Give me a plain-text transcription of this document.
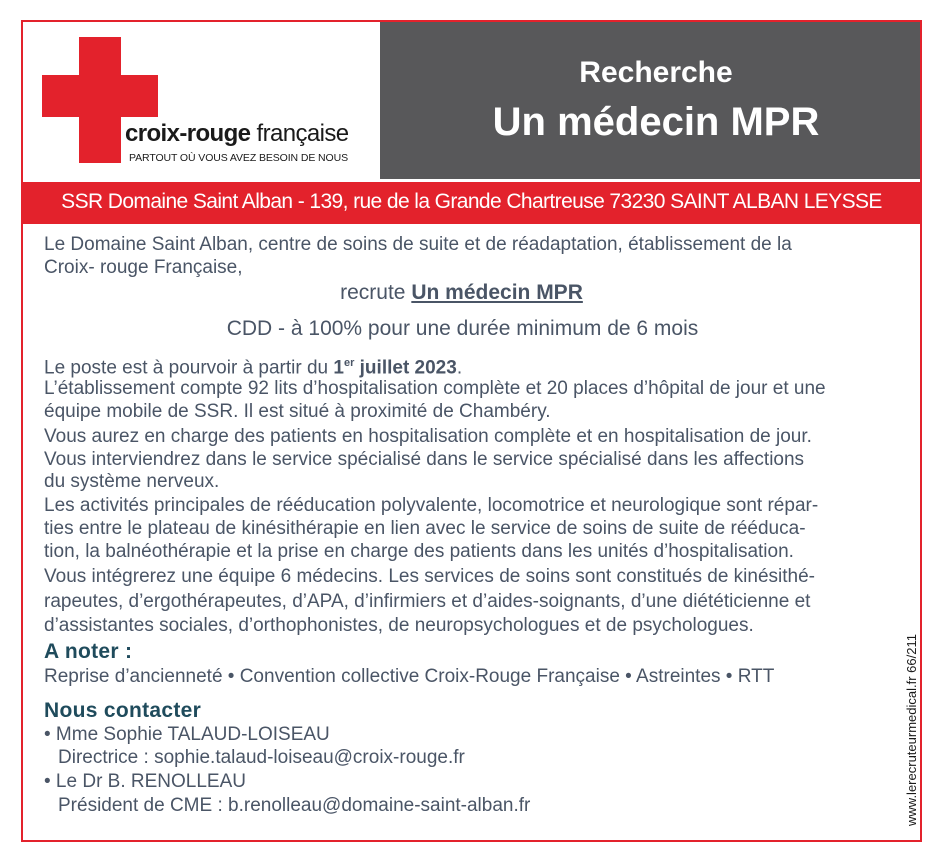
croix-rouge française
PARTOUT OÙ VOUS AVEZ BESOIN DE NOUS
Recherche
Un médecin MPR
SSR Domaine Saint Alban - 139, rue de la Grande Chartreuse 73230 SAINT ALBAN LEYSSE
Le Domaine Saint Alban, centre de soins de suite et de réadaptation, établissement de la
Croix- rouge Française,
recrute Un médecin MPR
CDD - à 100% pour une durée minimum de 6 mois
Le poste est à pourvoir à partir du 1er juillet 2023.
L’établissement compte 92 lits d’hospitalisation complète et 20 places d’hôpital de jour et une
équipe mobile de SSR. Il est situé à proximité de Chambéry.
Vous aurez en charge des patients en hospitalisation complète et en hospitalisation de jour.
Vous interviendrez dans le service spécialisé dans le service spécialisé dans les affections
du système nerveux.
Les activités principales de rééducation polyvalente, locomotrice et neurologique sont répar-
ties entre le plateau de kinésithérapie en lien avec le service de soins de suite de rééduca-
tion, la balnéothérapie et la prise en charge des patients dans les unités d’hospitalisation.
Vous intégrerez une équipe 6 médecins. Les services de soins sont constitués de kinésithé-
rapeutes, d’ergothérapeutes, d’APA, d’infirmiers et d’aides-soignants, d’une diététicienne et
d’assistantes sociales, d’orthophonistes, de neuropsychologues et de psychologues.
A noter :
Reprise d’ancienneté • Convention collective Croix-Rouge Française • Astreintes • RTT
Nous contacter
• Mme Sophie TALAUD-LOISEAU
Directrice : sophie.talaud-loiseau@croix-rouge.fr
• Le Dr B. RENOLLEAU
Président de CME : b.renolleau@domaine-saint-alban.fr	www.lerecruteurmedical.fr 66/211
